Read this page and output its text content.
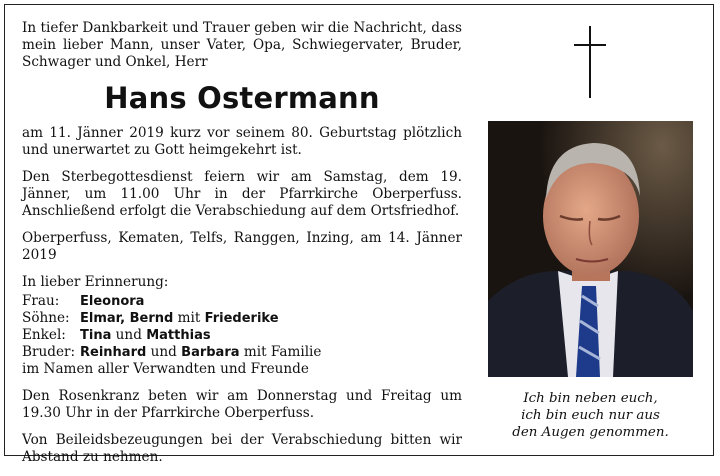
In tiefer Dankbarkeit und Trauer geben wir die Nachricht, dass mein lieber Mann, unser Vater, Opa, Schwiegervater, Bruder, Schwager und Onkel, Herr

Hans Ostermann

am 11. Jänner 2019 kurz vor seinem 80. Geburtstag plötzlich und unerwartet zu Gott heimgekehrt ist.

Den Sterbegottesdienst feiern wir am Samstag, dem 19. Jänner, um 11.00 Uhr in der Pfarrkirche Oberperfuss. Anschließend erfolgt die Verabschiedung auf dem Ortsfriedhof.

Oberperfuss, Kematen, Telfs, Ranggen, Inzing, am 14. Jänner 2019

In lieber Erinnerung:

Frau:	Eleonora
Söhne: Elmar, Bernd mit Friederike
Enkel:	Tina und Matthias
Bruder: Reinhard und Barbara mit Familie

im Namen aller Verwandten und Freunde

Den Rosenkranz beten wir am Donnerstag und Freitag um 19.30 Uhr in der Pfarrkirche Oberperfuss.

Von Beileidsbezeugungen bei der Verabschiedung bitten wir Abstand zu nehmen.

Ich bin neben euch,
ich bin euch nur aus
den Augen genommen.
